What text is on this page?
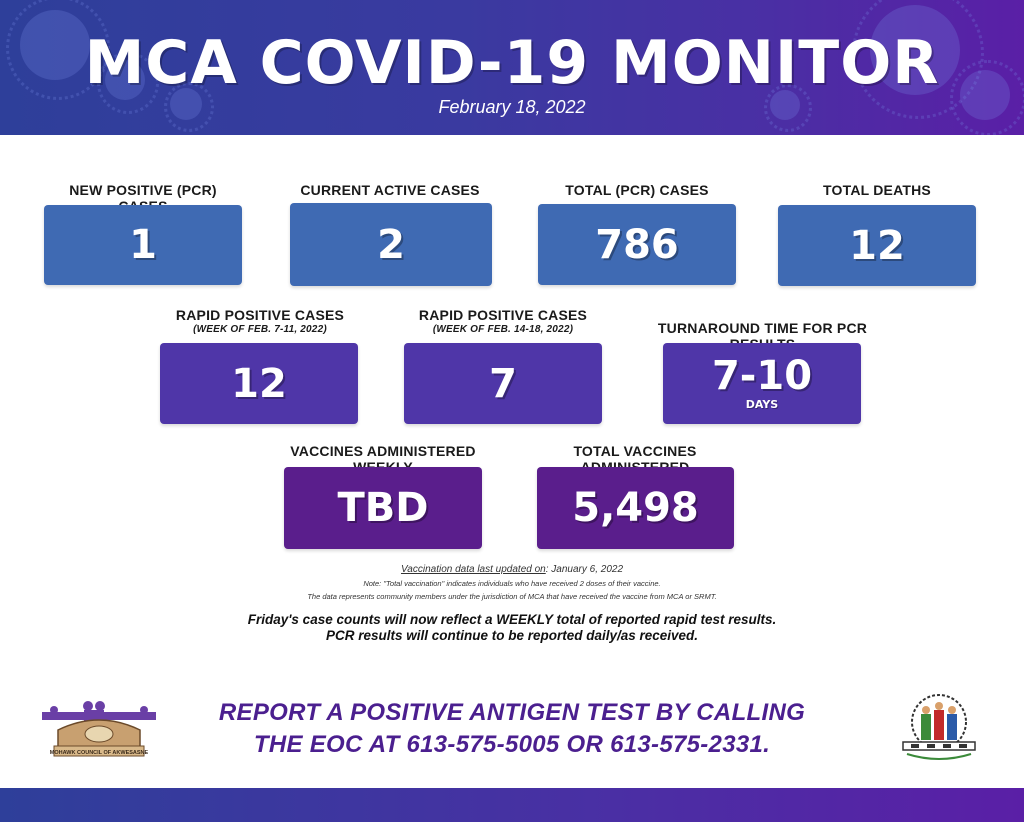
MCA COVID-19 MONITOR
February 18, 2022
NEW POSITIVE (PCR)
1
CURRENT ACTIVE CASES
2
TOTAL (PCR) CASES
786
TOTAL DEATHS
12
RAPID POSITIVE CASES
(WEEK OF FEB. 7-11, 2022)
12
RAPID POSITIVE CASES
(WEEK OF FEB. 14-18, 2022)
7
TURNAROUND TIME FOR PCR
7-10
DAYS
VACCINES ADMINISTERED
TBD
TOTAL VACCINES
5,498
Vaccination data last updated on: January 6, 2022
Note: "Total vaccination" indicates individuals who have received 2 doses of their vaccine.
The data represents community members under the jurisdiction of MCA that have received the vaccine from MCA or SRMT.
Friday's case counts will now reflect a WEEKLY total of reported rapid test results.
PCR results will continue to be reported daily/as received.
REPORT A POSITIVE ANTIGEN TEST BY CALLING
THE EOC AT 613-575-5005 OR 613-575-2331.
MOHAWK COUNCIL OF AKWESASNE
